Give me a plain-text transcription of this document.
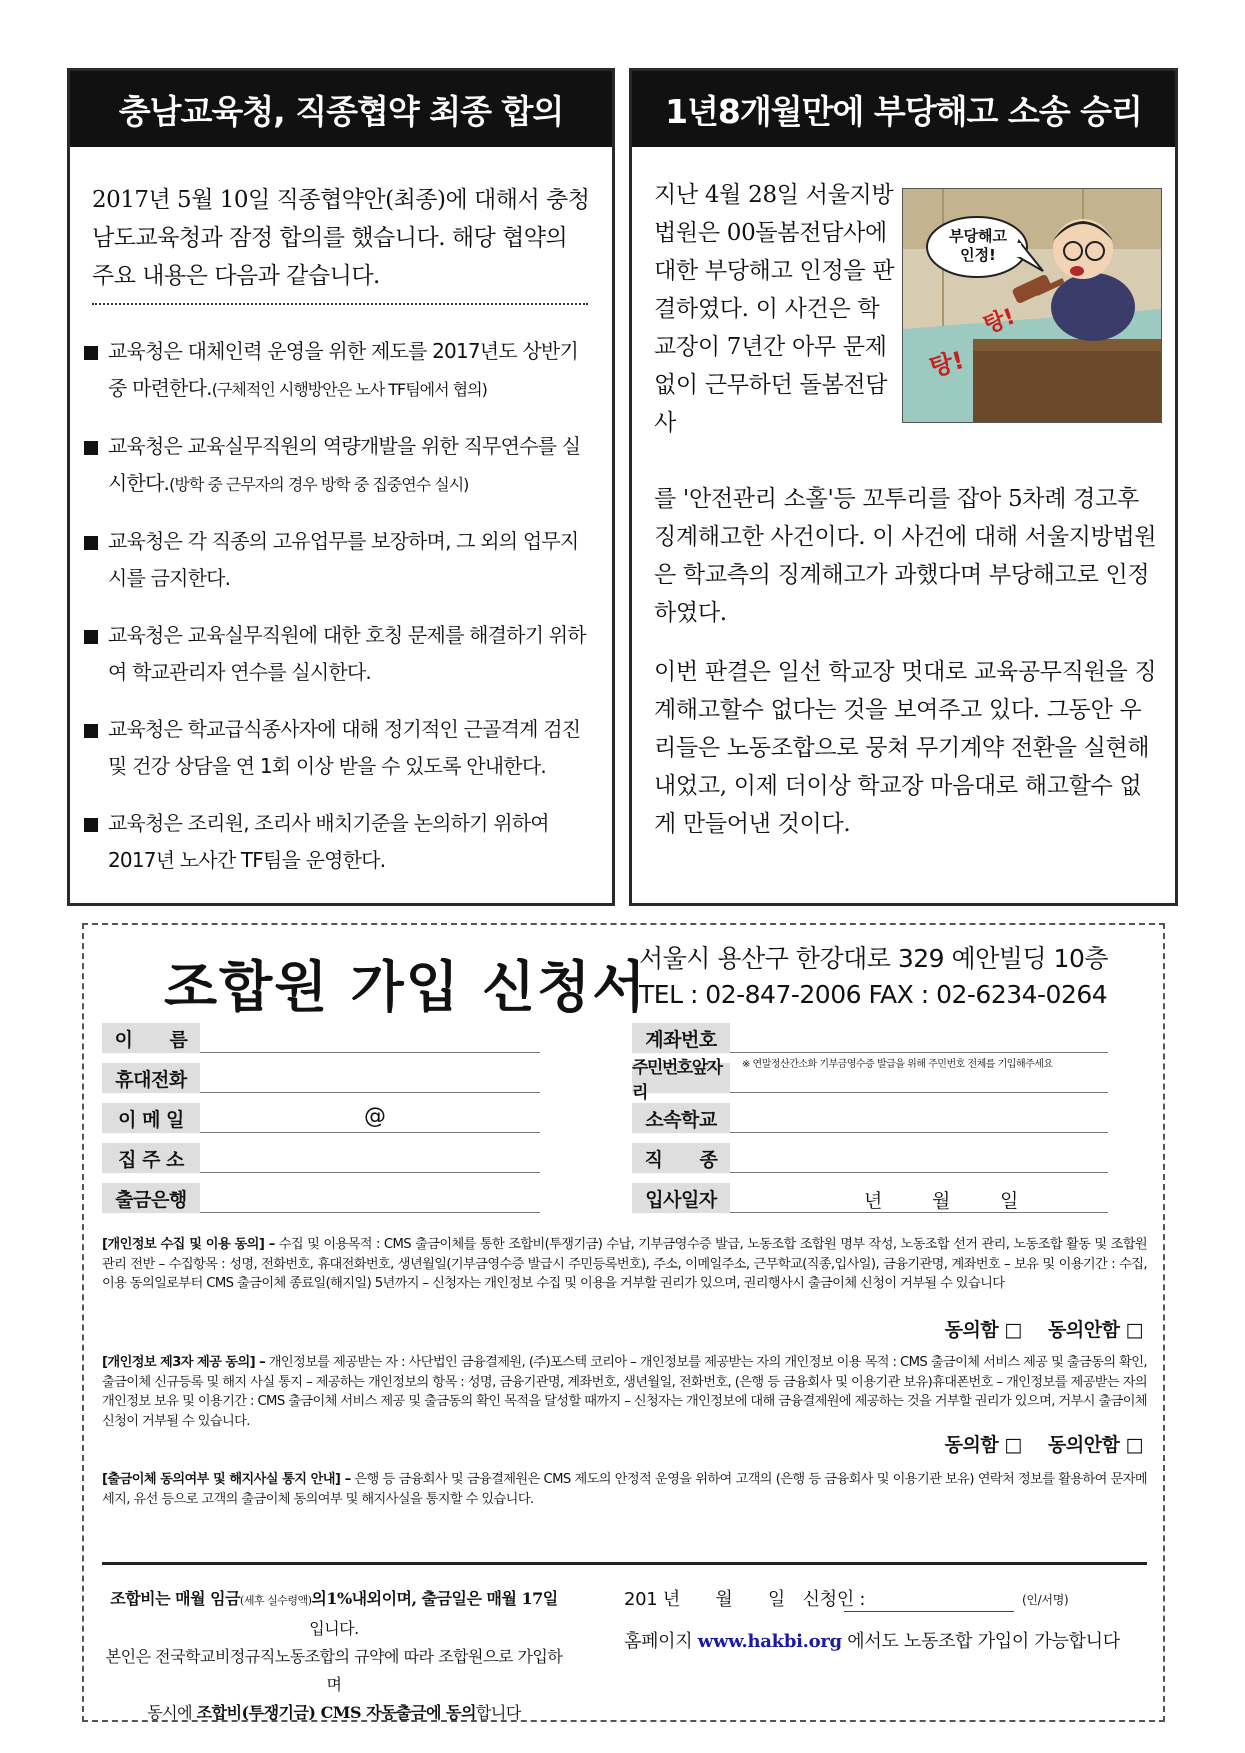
충남교육청, 직종협약 최종 합의
2017년 5월 10일 직종협약안(최종)에 대해서 충청남도교육청과 잠정 합의를 했습니다. 해당 협약의 주요 내용은 다음과 같습니다.
교육청은 대체인력 운영을 위한 제도를 2017년도 상반기 중 마련한다.(구체적인 시행방안은 노사 TF팀에서 협의)
교육청은 교육실무직원의 역량개발을 위한 직무연수를 실시한다.(방학 중 근무자의 경우 방학 중 집중연수 실시)
교육청은 각 직종의 고유업무를 보장하며, 그 외의 업무지시를 금지한다.
교육청은 교육실무직원에 대한 호칭 문제를 해결하기 위하여 학교관리자 연수를 실시한다.
교육청은 학교급식종사자에 대해 정기적인 근골격계 검진 및 건강 상담을 연 1회 이상 받을 수 있도록 안내한다.
교육청은 조리원, 조리사 배치기준을 논의하기 위하여 2017년 노사간 TF팀을 운영한다.
1년8개월만에 부당해고 소송 승리
지난 4월 28일 서울지방법원은 00돌봄전담사에 대한 부당해고 인정을 판결하였다. 이 사건은 학교장이 7년간 아무 문제없이 근무하던 돌봄전담사
부당해고 인정!
탕!
탕!
를 '안전관리 소홀'등 꼬투리를 잡아 5차례 경고후 징계해고한 사건이다. 이 사건에 대해 서울지방법원은 학교측의 징계해고가 과했다며 부당해고로 인정하였다.
이번 판결은 일선 학교장 멋대로 교육공무직원을 징계해고할수 없다는 것을 보여주고 있다. 그동안 우리들은 노동조합으로 뭉쳐 무기계약 전환을 실현해 내었고, 이제 더이상 학교장 마음대로 해고할수 없게 만들어낸 것이다.
조합원 가입 신청서
서울시 용산구 한강대로 329 예안빌딩 10층
TEL : 02-847-2006 FAX : 02-6234-0264
이　　름
휴대전화
이 메 일	@
집 주 소
출금은행
계좌번호
주민번호앞자리
※ 연말정산간소화 기부금영수증 발급을 위해 주민번호 전체를 기입해주세요
소속학교
직　　종
입사일자	년	월	일
[개인정보 수집 및 이용 동의] – 수집 및 이용목적 : CMS 출금이체를 통한 조합비(투쟁기금) 수납, 기부금영수증 발급, 노동조합 조합원 명부 작성, 노동조합 선거 관리, 노동조합 활동 및 조합원 관리 전반 – 수집항목 : 성명, 전화번호, 휴대전화번호, 생년월일(기부금영수증 발급시 주민등록번호), 주소, 이메일주소, 근무학교(직종,입사일), 금융기관명, 계좌번호 – 보유 및 이용기간 : 수집, 이용 동의일로부터 CMS 출금이체 종료일(해지일) 5년까지 – 신청자는 개인정보 수집 및 이용을 거부할 권리가 있으며, 권리행사시 출금이체 신청이 거부될 수 있습니다
동의함 □ 동의안함 □
[개인정보 제3자 제공 동의] – 개인정보를 제공받는 자 : 사단법인 금융결제원, (주)포스텍 코리아 – 개인정보를 제공받는 자의 개인정보 이용 목적 : CMS 출금이체 서비스 제공 및 출금동의 확인, 출금이체 신규등록 및 해지 사실 통지 – 제공하는 개인정보의 항목 : 성명, 금융기관명, 계좌번호, 생년월일, 전화번호, (은행 등 금융회사 및 이용기관 보유)휴대폰번호 – 개인정보를 제공받는 자의 개인정보 보유 및 이용기간 : CMS 출금이체 서비스 제공 및 출금동의 확인 목적을 달성할 때까지 – 신청자는 개인정보에 대해 금융결제원에 제공하는 것을 거부할 권리가 있으며, 거부시 출금이체 신청이 거부될 수 있습니다.
동의함 □ 동의안함 □
[출금이체 동의여부 및 해지사실 통지 안내] – 은행 등 금융회사 및 금융결제원은 CMS 제도의 안정적 운영을 위하여 고객의 (은행 등 금융회사 및 이용기관 보유) 연락처 정보를 활용하여 문자메세지, 유선 등으로 고객의 출금이체 동의여부 및 해지사실을 통지할 수 있습니다.
조합비는 매월 임금(세후 실수령액)의1%내외이며, 출금일은 매월 17일입니다.
본인은 전국학교비정규직노동조합의 규약에 따라 조합원으로 가입하며
동시에 조합비(투쟁기금) CMS 자동출금에 동의합니다
201 년　　월　　일　신청인 :	(인/서명)
홈페이지 www.hakbi.org 에서도 노동조합 가입이 가능합니다
